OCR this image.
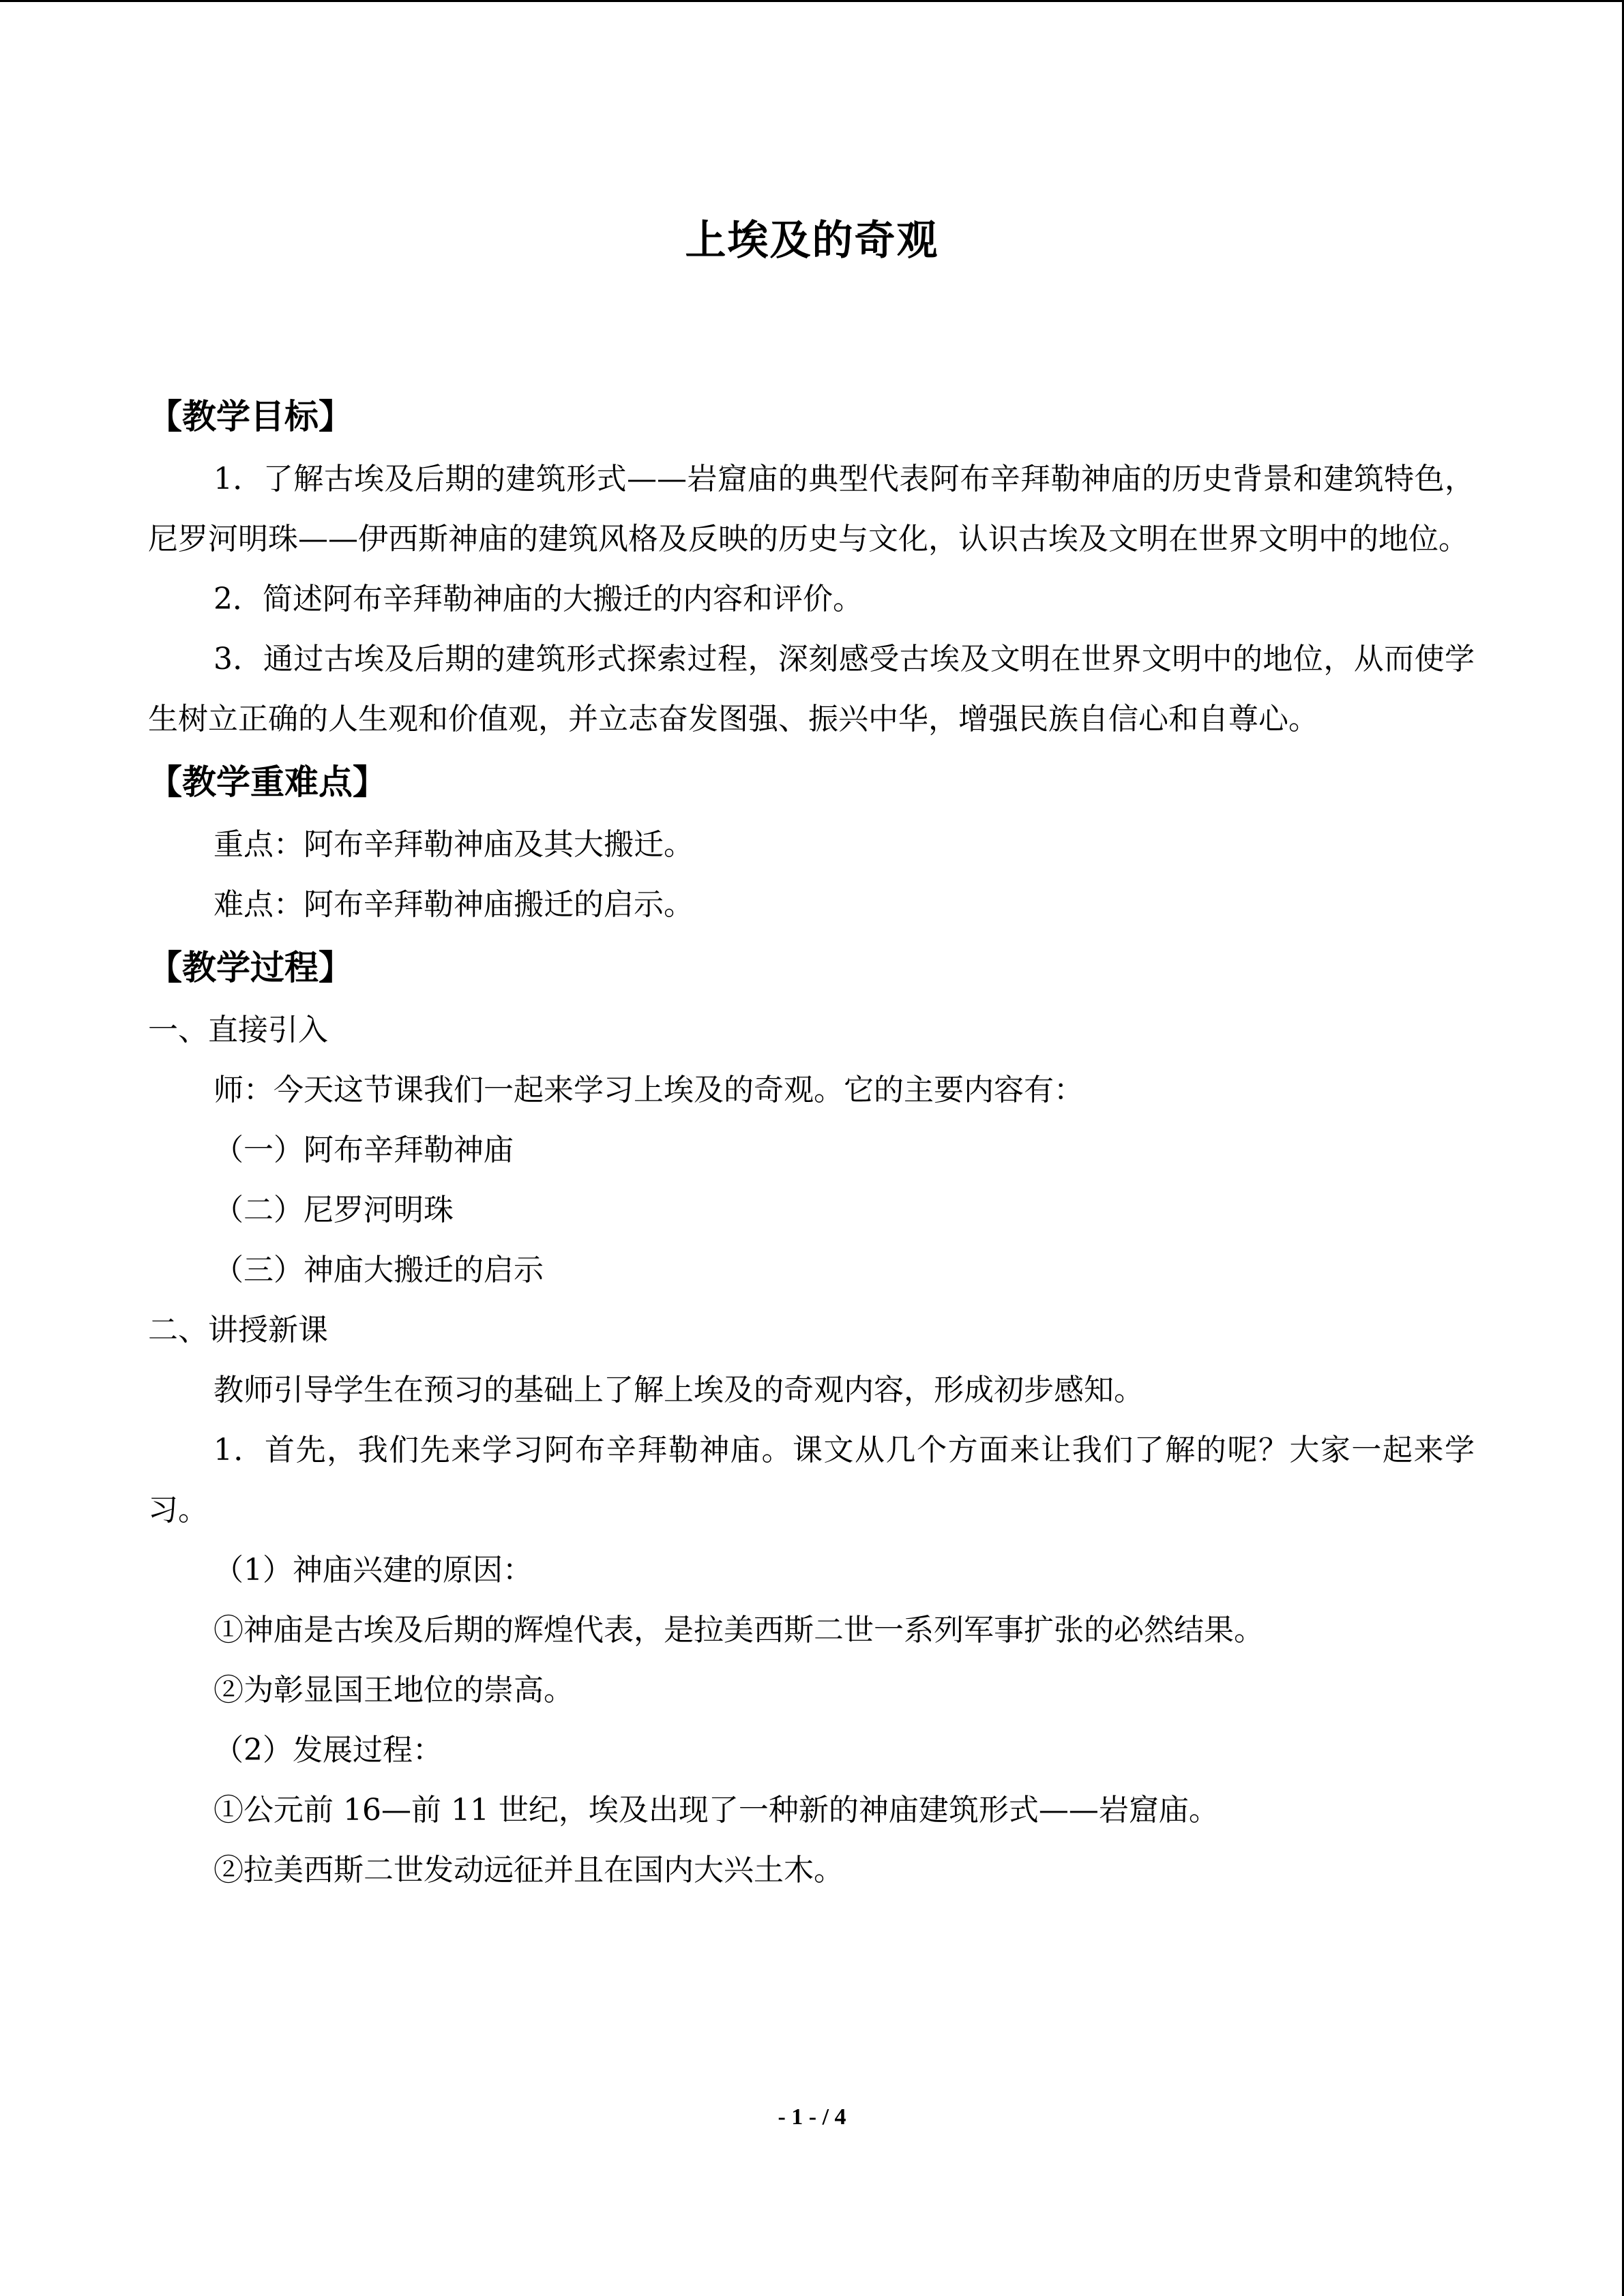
上埃及的奇观
【教学目标】

1．了解古埃及后期的建筑形式——岩窟庙的典型代表阿布辛拜勒神庙的历史背景和建筑特色，尼罗河明珠——伊西斯神庙的建筑风格及反映的历史与文化，认识古埃及文明在世界文明中的地位。

2．简述阿布辛拜勒神庙的大搬迁的内容和评价。

3．通过古埃及后期的建筑形式探索过程，深刻感受古埃及文明在世界文明中的地位，从而使学生树立正确的人生观和价值观，并立志奋发图强、振兴中华，增强民族自信心和自尊心。

【教学重难点】

重点：阿布辛拜勒神庙及其大搬迁。

难点：阿布辛拜勒神庙搬迁的启示。

【教学过程】

一、直接引入

师：今天这节课我们一起来学习上埃及的奇观。它的主要内容有：

（一）阿布辛拜勒神庙

（二）尼罗河明珠

（三）神庙大搬迁的启示

二、讲授新课

教师引导学生在预习的基础上了解上埃及的奇观内容，形成初步感知。

1．首先，我们先来学习阿布辛拜勒神庙。课文从几个方面来让我们了解的呢？大家一起来学习。

（1）神庙兴建的原因：

①神庙是古埃及后期的辉煌代表，是拉美西斯二世一系列军事扩张的必然结果。

②为彰显国王地位的崇高。

（2）发展过程：

①公元前 16—前 11 世纪，埃及出现了一种新的神庙建筑形式——岩窟庙。

②拉美西斯二世发动远征并且在国内大兴土木。

- 1 - / 4
